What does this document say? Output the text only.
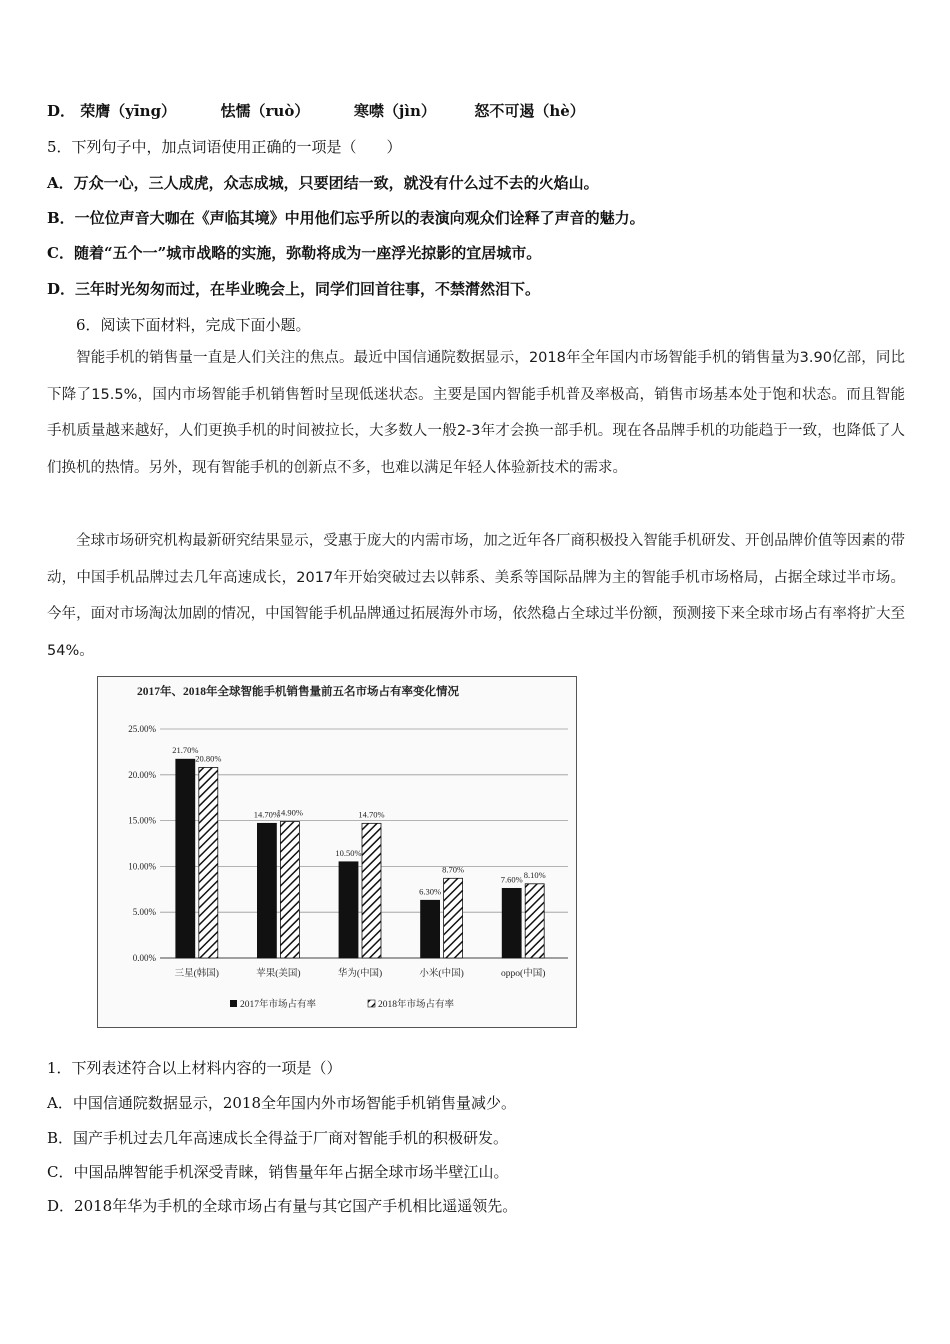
D． 荣膺（yīng）	怯懦（ruò）	寒噤（jìn）	怒不可遏（hè）
5．下列句子中，加点词语使用正确的一项是（　　）
A．万众一心，三人成虎，众志成城，只要团结一致，就没有什么过不去的火焰山。
B．一位位声音大咖在《声临其境》中用他们忘乎所以的表演向观众们诠释了声音的魅力。
C．随着“五个一”城市战略的实施，弥勒将成为一座浮光掠影的宜居城市。
D．三年时光匆匆而过，在毕业晚会上，同学们回首往事，不禁潸然泪下。
6．阅读下面材料，完成下面小题。
智能手机的销售量一直是人们关注的焦点。最近中国信通院数据显示，2018年全年国内市场智能手机的销售量为3.90亿部，同比下降了15.5%，国内市场智能手机销售暂时呈现低迷状态。主要是国内智能手机普及率极高，销售市场基本处于饱和状态。而且智能手机质量越来越好，人们更换手机的时间被拉长，大多数人一般2-3年才会换一部手机。现在各品牌手机的功能趋于一致，也降低了人们换机的热情。另外，现有智能手机的创新点不多，也难以满足年轻人体验新技术的需求。
全球市场研究机构最新研究结果显示，受惠于庞大的内需市场，加之近年各厂商积极投入智能手机研发、开创品牌价值等因素的带动，中国手机品牌过去几年高速成长，2017年开始突破过去以韩系、美系等国际品牌为主的智能手机市场格局，占据全球过半市场。今年，面对市场淘汰加剧的情况，中国智能手机品牌通过拓展海外市场，依然稳占全球过半份额，预测接下来全球市场占有率将扩大至54%。
2017年、2018年全球智能手机销售量前五名市场占有率变化情况
0.00%
5.00%
10.00%
15.00%
20.00%
25.00%
21.70%
20.80%
三星(韩国)
14.70%
14.90%
苹果(美国)
10.50%
14.70%
华为(中国)
6.30%
8.70%
小米(中国)
7.60% 8.10%
oppo(中国)
2017年市场占有率	2018年市场占有率
1．下列表述符合以上材料内容的一项是（）
A．中国信通院数据显示，2018全年国内外市场智能手机销售量减少。
B．国产手机过去几年高速成长全得益于厂商对智能手机的积极研发。
C．中国品牌智能手机深受青睐，销售量年年占据全球市场半壁江山。
D．2018年华为手机的全球市场占有量与其它国产手机相比遥遥领先。
